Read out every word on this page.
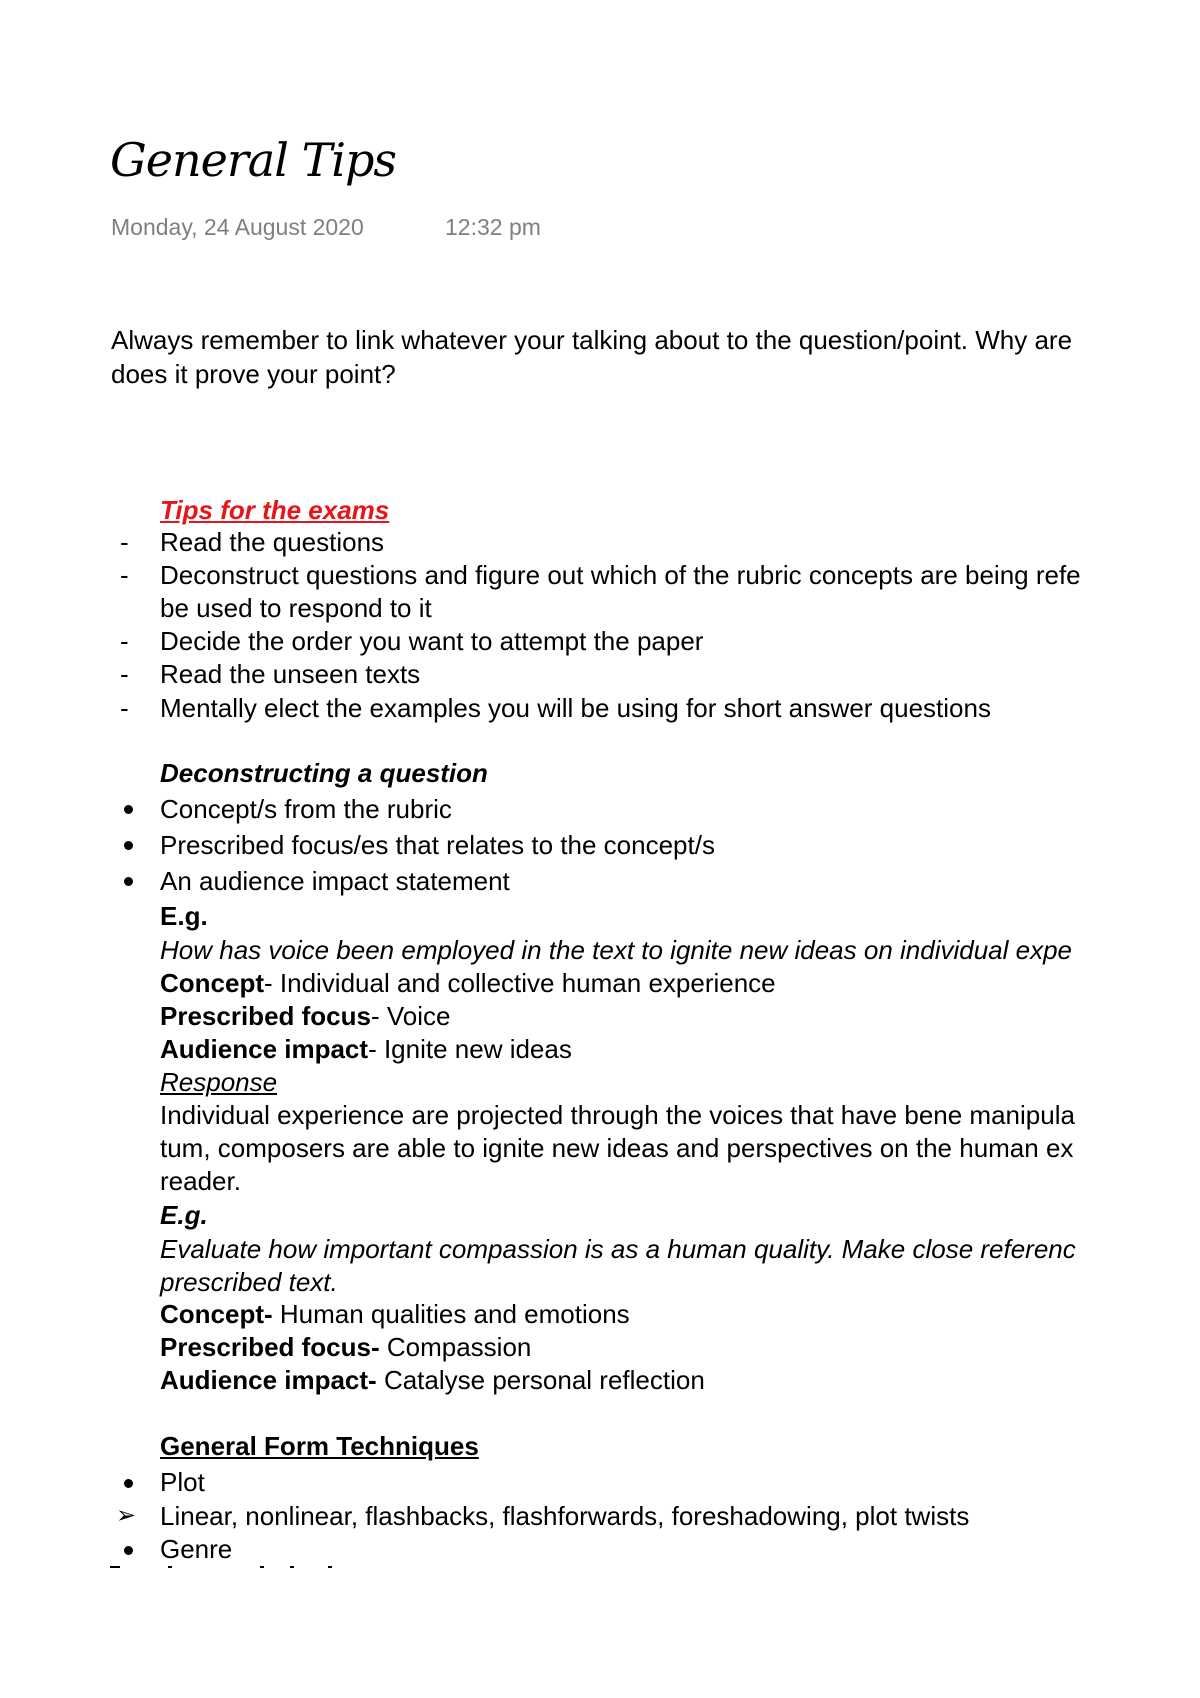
General Tips
Monday, 24 August 2020	12:32 pm
Always remember to link whatever your talking about to the question/point. Why are
does it prove your point?
Tips for the exams
-	Read the questions
-	Deconstruct questions and figure out which of the rubric concepts are being refe
be used to respond to it
-	Decide the order you want to attempt the paper
-	Read the unseen texts
-	Mentally elect the examples you will be using for short answer questions
Deconstructing a question
Concept/s from the rubric
Prescribed focus/es that relates to the concept/s
An audience impact statement
E.g.
How has voice been employed in the text to ignite new ideas on individual expe
Concept- Individual and collective human experience
Prescribed focus- Voice
Audience impact- Ignite new ideas
Response
Individual experience are projected through the voices that have bene manipula
tum, composers are able to ignite new ideas and perspectives on the human ex
reader.
E.g.
Evaluate how important compassion is as a human quality. Make close referenc
prescribed text.
Concept- Human qualities and emotions
Prescribed focus- Compassion
Audience impact- Catalyse personal reflection
General Form Techniques
Plot
➢ Linear, nonlinear, flashbacks, flashforwards, foreshadowing, plot twists
Genre
